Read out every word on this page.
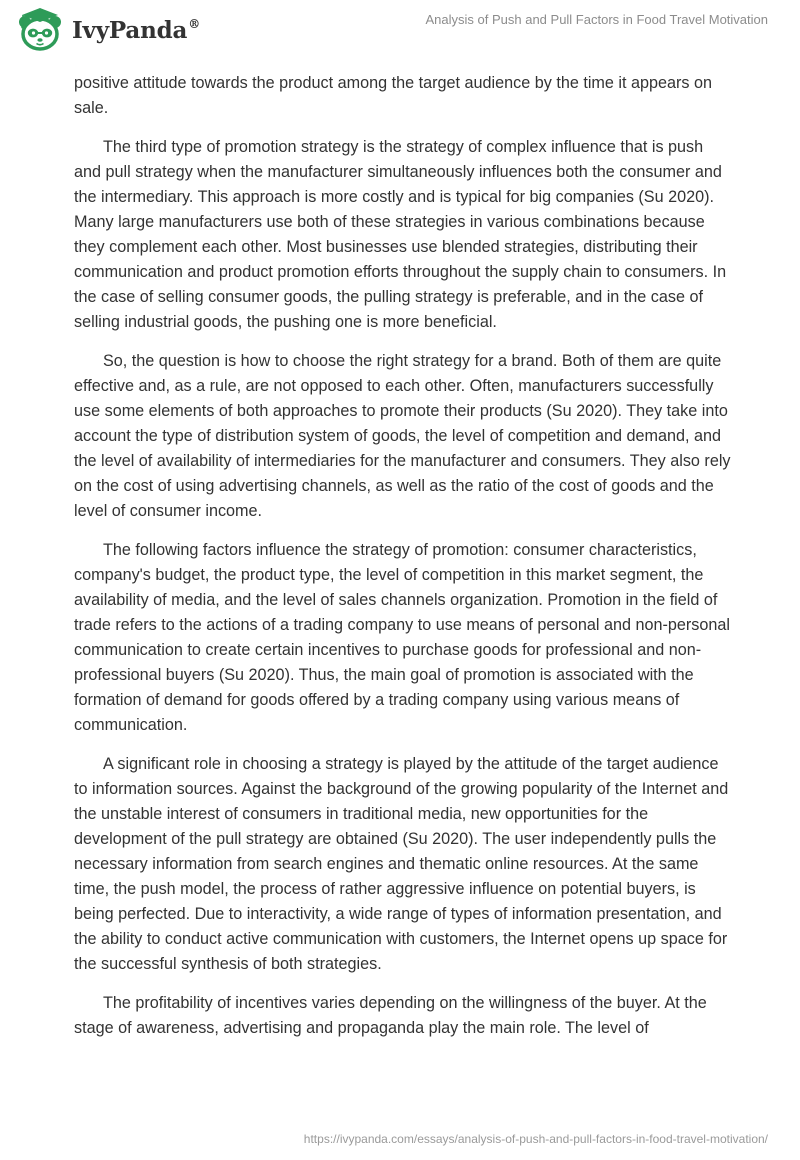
IvyPanda®	Analysis of Push and Pull Factors in Food Travel Motivation

positive attitude towards the product among the target audience by the time it appears on sale.

The third type of promotion strategy is the strategy of complex influence that is push and pull strategy when the manufacturer simultaneously influences both the consumer and the intermediary. This approach is more costly and is typical for big companies (Su 2020). Many large manufacturers use both of these strategies in various combinations because they complement each other. Most businesses use blended strategies, distributing their communication and product promotion efforts throughout the supply chain to consumers. In the case of selling consumer goods, the pulling strategy is preferable, and in the case of selling industrial goods, the pushing one is more beneficial.

So, the question is how to choose the right strategy for a brand. Both of them are quite effective and, as a rule, are not opposed to each other. Often, manufacturers successfully use some elements of both approaches to promote their products (Su 2020). They take into account the type of distribution system of goods, the level of competition and demand, and the level of availability of intermediaries for the manufacturer and consumers. They also rely on the cost of using advertising channels, as well as the ratio of the cost of goods and the level of consumer income.

The following factors influence the strategy of promotion: consumer characteristics, company's budget, the product type, the level of competition in this market segment, the availability of media, and the level of sales channels organization. Promotion in the field of trade refers to the actions of a trading company to use means of personal and non-personal communication to create certain incentives to purchase goods for professional and non-professional buyers (Su 2020). Thus, the main goal of promotion is associated with the formation of demand for goods offered by a trading company using various means of communication.

A significant role in choosing a strategy is played by the attitude of the target audience to information sources. Against the background of the growing popularity of the Internet and the unstable interest of consumers in traditional media, new opportunities for the development of the pull strategy are obtained (Su 2020). The user independently pulls the necessary information from search engines and thematic online resources. At the same time, the push model, the process of rather aggressive influence on potential buyers, is being perfected. Due to interactivity, a wide range of types of information presentation, and the ability to conduct active communication with customers, the Internet opens up space for the successful synthesis of both strategies.

The profitability of incentives varies depending on the willingness of the buyer. At the stage of awareness, advertising and propaganda play the main role. The level of

https://ivypanda.com/essays/analysis-of-push-and-pull-factors-in-food-travel-motivation/
